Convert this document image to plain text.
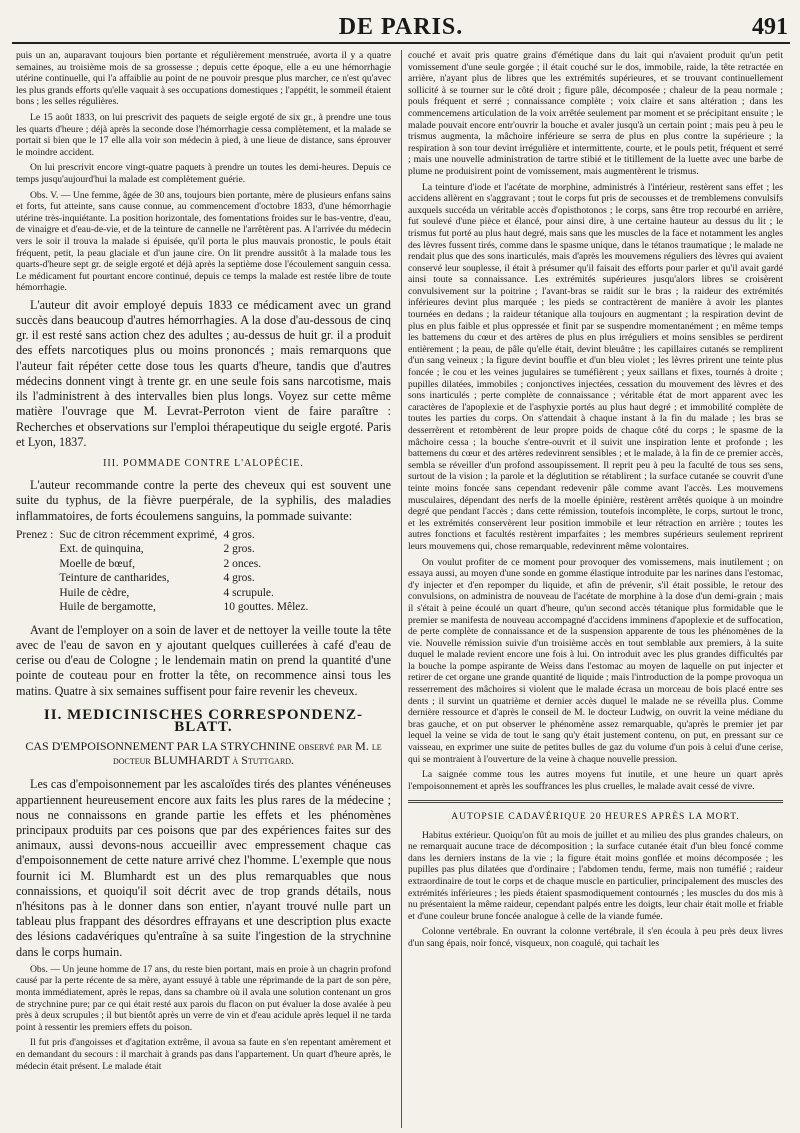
DE PARIS.	491

puis un an, auparavant toujours bien portante et régulièrement menstruée, avorta il y a quatre semaines, au troisième mois de sa grossesse ; depuis cette époque, elle a eu une hémorrhagie utérine continuelle, qui l'a affaiblie au point de ne pouvoir presque plus marcher, ce n'est qu'avec les plus grands efforts qu'elle vaquait à ses occupations domestiques ; l'appétit, le sommeil étaient bons ; les selles régulières.

Le 15 août 1833, on lui prescrivit des paquets de seigle ergoté de six gr., à prendre une tous les quarts d'heure ; déjà après la seconde dose l'hémorrhagie cessa complètement, et la malade se portait si bien que le 17 elle alla voir son médecin à pied, à une lieue de distance, sans éprouver le moindre accident.

On lui prescrivit encore vingt-quatre paquets à prendre un toutes les demi-heures. Depuis ce temps jusqu'aujourd'hui la malade est complètement guérie.

Obs. V. — Une femme, âgée de 30 ans, toujours bien portante, mère de plusieurs enfans sains et forts, fut atteinte, sans cause connue, au commencement d'octobre 1833, d'une hémorrhagie utérine très-inquiétante. La position horizontale, des fomentations froides sur le bas-ventre, d'eau, de vinaigre et d'eau-de-vie, et de la teinture de cannelle ne l'arrêtèrent pas. A l'arrivée du médecin vers le soir il trouva la malade si épuisée, qu'il porta le plus mauvais pronostic, le pouls était fréquent, petit, la peau glaciale et d'un jaune cire. On lit prendre aussitôt à la malade tous les quarts-d'heure sept gr. de seigle ergoté et déjà après la septième dose l'écoulement sanguin cessa. Le médicament fut pourtant encore continué, depuis ce temps la malade est restée libre de toute hémorrhagie.

L'auteur dit avoir employé depuis 1833 ce médicament avec un grand succès dans beaucoup d'autres hémorrhagies. A la dose d'au-dessous de cinq gr. il est resté sans action chez des adultes ; au-dessus de huit gr. il a produit des effets narcotiques plus ou moins prononcés ; mais remarquons que l'auteur fait répéter cette dose tous les quarts d'heure, tandis que d'autres médecins donnent vingt à trente gr. en une seule fois sans narcotisme, mais ils l'administrent à des intervalles bien plus longs. Voyez sur cette même matière l'ouvrage que M. Levrat-Perroton vient de faire paraître : Recherches et observations sur l'emploi thérapeutique du seigle ergoté. Paris et Lyon, 1837.

III. POMMADE CONTRE L'ALOPÉCIE.

L'auteur recommande contre la perte des cheveux qui est souvent une suite du typhus, de la fièvre puerpérale, de la syphilis, des maladies inflammatoires, de forts écoulemens sanguins, la pommade suivante:

Prenez :	Suc de citron récemment exprimé,	4 gros.
	Ext. de quinquina,	2 gros.
	Moelle de bœuf,	2 onces.
	Teinture de cantharides,	4 gros.
	Huile de cèdre,	4 scrupule.
	Huile de bergamotte,	10 gouttes. Mêlez.

Avant de l'employer on a soin de laver et de nettoyer la veille toute la tête avec de l'eau de savon en y ajoutant quelques cuillerées à café d'eau de cerise ou d'eau de Cologne ; le lendemain matin on prend la quantité d'une pointe de couteau pour en frotter la tête, on recommence ainsi tous les matins. Quatre à six semaines suffisent pour faire revenir les cheveux.

II. MEDICINISCHES CORRESPONDENZ-BLATT.
CAS D'EMPOISONNEMENT PAR LA STRYCHNINE observé par M. le docteur BLUMHARDT à Stuttgard.

Les cas d'empoisonnement par les ascaloïdes tirés des plantes vénéneuses appartiennent heureusement encore aux faits les plus rares de la médecine ; nous ne connaissons en grande partie les effets et les phénomènes principaux produits par ces poisons que par des expériences faites sur des animaux, aussi devons-nous accueillir avec empressement chaque cas d'empoisonnement de cette nature arrivé chez l'homme. L'exemple que nous fournit ici M. Blumhardt est un des plus remarquables que nous connaissions, et quoiqu'il soit décrit avec de trop grands détails, nous n'hésitons pas à le donner dans son entier, n'ayant trouvé nulle part un tableau plus frappant des désordres effrayans et une description plus exacte des lésions cadavériques qu'entraîne à sa suite l'ingestion de la strychnine dans le corps humain.

Obs. — Un jeune homme de 17 ans, du reste bien portant, mais en proie à un chagrin profond causé par la perte récente de sa mère, ayant essuyé à table une réprimande de la part de son père, monta immédiatement, après le repas, dans sa chambre où il avala une solution contenant un gros de strychnine pure; par ce qui était resté aux parois du flacon on put évaluer la dose avalée à peu près à deux scrupules ; il but bientôt après un verre de vin et d'eau acidule après lequel il ne tarda point à ressentir les premiers effets du poison.

Il fut pris d'angoisses et d'agitation extrême, il avoua sa faute en s'en repentant amèrement et en demandant du secours : il marchait à grands pas dans l'appartement. Un quart d'heure après, le médecin était présent. Le malade était

couché et avait pris quatre grains d'émétique dans du lait qui n'avaient produit qu'un petit vomissement d'une seule gorgée ; il était couché sur le dos, immobile, raide, la tête retractée en arrière, n'ayant plus de libres que les extrémités supérieures, et se trouvant continuellement sollicité à se tourner sur le côté droit ; figure pâle, décomposée ; chaleur de la peau normale ; pouls fréquent et serré ; connaissance complète ; voix claire et sans altération ; dans les commencemens articulation de la voix arrêtée seulement par moment et se précipitant ensuite ; le malade pouvait encore entr'ouvrir la bouche et avaler jusqu'à un certain point ; mais peu à peu le trismus augmenta, la mâchoire inférieure se serra de plus en plus contre la supérieure ; la respiration à son tour devint irrégulière et intermittente, courte, et le pouls petit, fréquent et serré ; mais une nouvelle administration de tartre stibié et le titillement de la luette avec une barbe de plume ne produisirent point de vomissement, mais augmentèrent le trismus.

La teinture d'iode et l'acétate de morphine, administrés à l'intérieur, restèrent sans effet ; les accidens allèrent en s'aggravant ; tout le corps fut pris de secousses et de tremblemens convulsifs auxquels succéda un véritable accès d'opisthotonos ; le corps, sans être trop recourbé en arrière, fut soulevé d'une pièce et élancé, pour ainsi dire, à une certaine hauteur au dessus du lit ; le trismus fut porté au plus haut degré, mais sans que les muscles de la face et notamment les angles des lèvres fussent tirés, comme dans le spasme unique, dans le tétanos traumatique ; le malade ne rendait plus que des sons inarticulés, mais d'après les mouvemens réguliers des lèvres qui avaient conservé leur souplesse, il était à présumer qu'il faisait des efforts pour parler et qu'il avait gardé ainsi toute sa connaissance. Les extrémités supérieures jusqu'alors libres se croisèrent convulsivement sur la poitrine ; l'avant-bras se raidit sur le bras ; la raideur des extrémités inférieures devint plus marquée ; les pieds se contractèrent de manière à avoir les plantes tournées en dedans ; la raideur tétanique alla toujours en augmentant ; la respiration devint de plus en plus faible et plus oppressée et finit par se suspendre momentanément ; en même temps les battemens du cœur et des artères de plus en plus irréguliers et moins sensibles se perdirent entièrement ; la peau, de pâle qu'elle était, devint bleuâtre ; les capillaires cutanés se remplirent d'un sang veineux ; la figure devint bouffie et d'un bleu violet ; les lèvres prirent une teinte plus foncée ; le cou et les veines jugulaires se tuméfièrent ; yeux saillans et fixes, tournés à droite ; pupilles dilatées, immobiles ; conjonctives injectées, cessation du mouvement des lèvres et des sons inarticulés ; perte complète de connaissance ; véritable état de mort apparent avec les caractères de l'apoplexie et de l'asphyxie portés au plus haut degré ; et immobilité complète de toutes les parties du corps. On s'attendait à chaque instant à la fin du malade ; les bras se desserrèrent et retombèrent de leur propre poids de chaque côté du corps ; le spasme de la mâchoire cessa ; la bouche s'entre-ouvrit et il suivit une inspiration lente et profonde ; les battemens du cœur et des artères redevinrent sensibles ; et le malade, à la fin de ce premier accès, sembla se réveiller d'un profond assoupissement. Il reprit peu à peu la faculté de tous ses sens, surtout de la vision ; la parole et la déglutition se rétablirent ; la surface cutanée se couvrit d'une teinte moins foncée sans cependant redevenir pâle comme avant l'accès. Les mouvemens musculaires, dépendant des nerfs de la moelle épinière, restèrent arrêtés quoique à un moindre degré que pendant l'accès ; dans cette rémission, toutefois incomplète, le corps, surtout le tronc, et les extrémités conservèrent leur position immobile et leur rétraction en arrière ; toutes les autres fonctions et facultés restèrent imparfaites ; les membres supérieurs seulement reprirent leurs mouvemens qui, chose remarquable, redevinrent même volontaires.

On voulut profiter de ce moment pour provoquer des vomissemens, mais inutilement ; on essaya aussi, au moyen d'une sonde en gomme élastique introduite par les narines dans l'estomac, d'y injecter et d'en repomper du liquide, et afin de prévenir, s'il était possible, le retour des convulsions, on administra de nouveau de l'acétate de morphine à la dose d'un demi-grain ; mais il s'était à peine écoulé un quart d'heure, qu'un second accès tétanique plus formidable que le premier se manifesta de nouveau accompagné d'accidens imminens d'apoplexie et de suffocation, de perte complète de connaissance et de la suspension apparente de tous les phénomènes de la vie. Nouvelle rémission suivie d'un troisième accès en tout semblable aux premiers, à la suite duquel le malade revient encore une fois à lui. On introduit avec les plus grandes difficultés par la bouche la pompe aspirante de Weiss dans l'estomac au moyen de laquelle on put injecter et retirer de cet organe une grande quantité de liquide ; mais l'introduction de la pompe provoqua un resserrement des mâchoires si violent que le malade écrasa un morceau de bois placé entre ses dents ; il survint un quatrième et dernier accès duquel le malade ne se réveilla plus. Comme dernière ressource et d'après le conseil de M. le docteur Ludwig, on ouvrit la veine médiane du bras gauche, et on put observer le phénomène assez remarquable, qu'après le premier jet par lequel la veine se vida de tout le sang qu'y était justement contenu, on put, en pressant sur ce vaisseau, en exprimer une suite de petites bulles de gaz du volume d'un pois à celui d'une cerise, qui se montraient à l'ouverture de la veine à chaque nouvelle pression.

La saignée comme tous les autres moyens fut inutile, et une heure un quart après l'empoisonnement et après les souffrances les plus cruelles, le malade avait cessé de vivre.

AUTOPSIE CADAVÉRIQUE 20 HEURES APRÈS LA MORT.

Habitus extérieur. Quoiqu'on fût au mois de juillet et au milieu des plus grandes chaleurs, on ne remarquait aucune trace de décomposition ; la surface cutanée était d'un bleu foncé comme dans les derniers instans de la vie ; la figure était moins gonflée et moins décomposée ; les pupilles pas plus dilatées que d'ordinaire ; l'abdomen tendu, ferme, mais non tuméfié ; raideur extraordinaire de tout le corps et de chaque muscle en particulier, principalement des muscles des extrémités inférieures ; les pieds étaient spasmodiquement contournés ; les muscles du dos mis à nu présentaient la même raideur, cependant palpés entre les doigts, leur chair était molle et friable et d'une couleur brune foncée analogue à celle de la viande fumée.

Colonne vertébrale. En ouvrant la colonne vertébrale, il s'en écoula à peu près deux livres d'un sang épais, noir foncé, visqueux, non coagulé, qui tachait les
